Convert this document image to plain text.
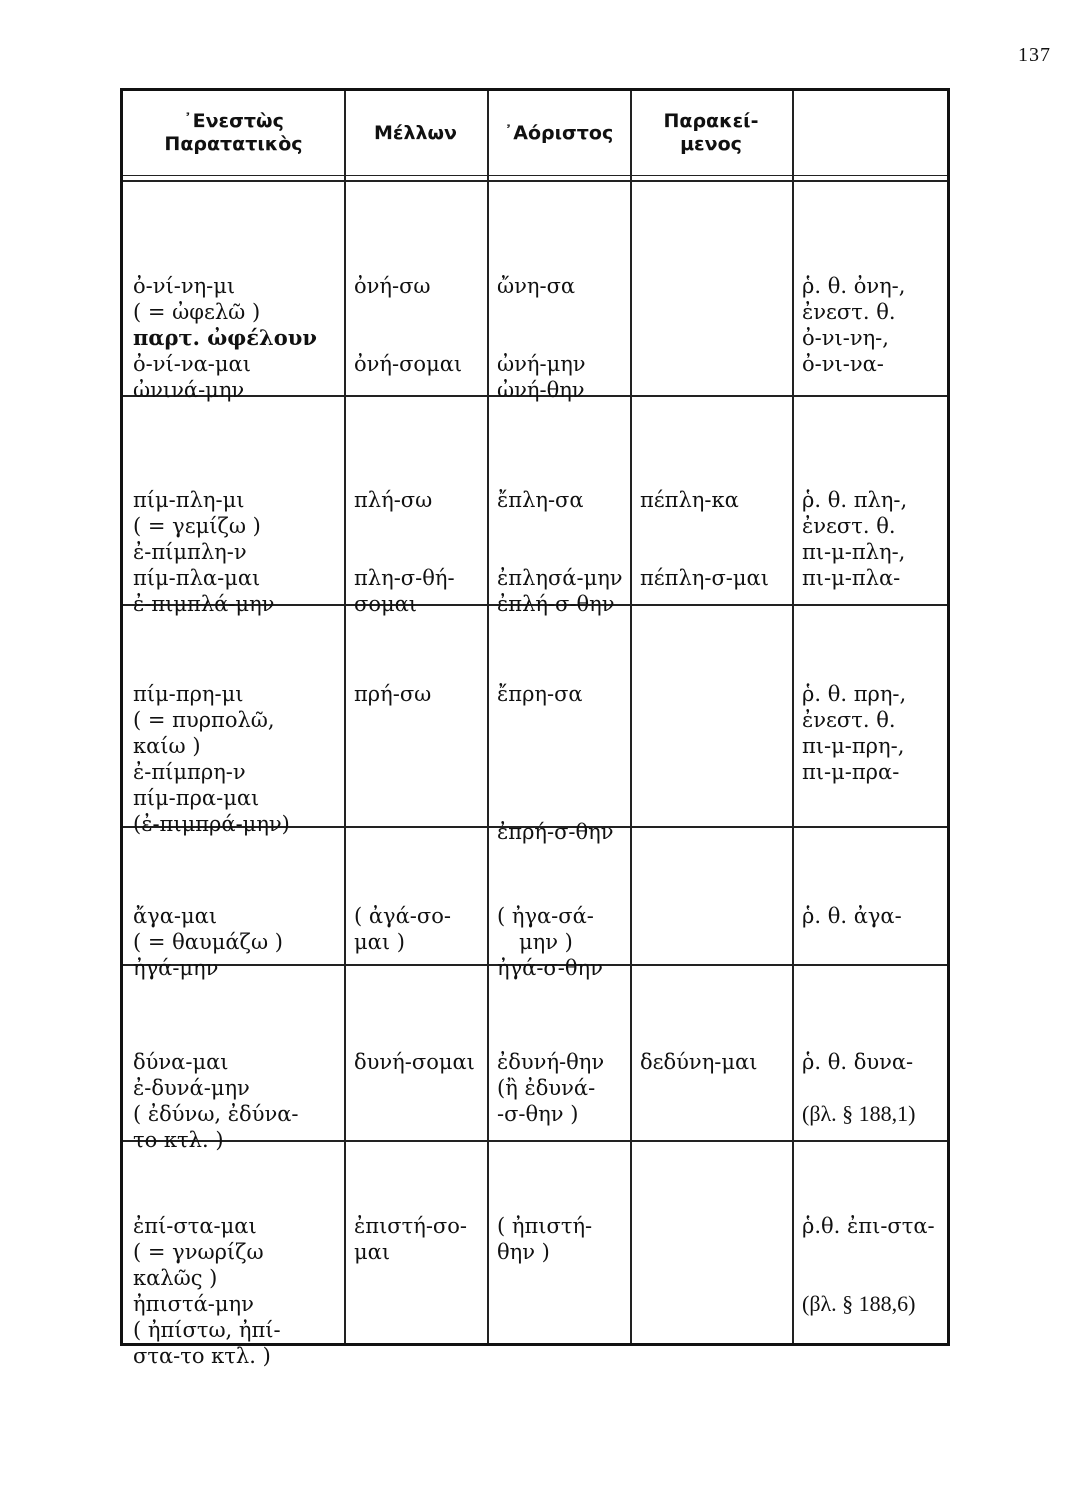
137
᾽Ενεστὼς
Παρατατικὸς
Μέλλων ᾽Αόριστος
Παρακεί-
μενος

ὀ-νί-νη-μι
( = ὠφελῶ )
παρτ. ὠφέλουν
ὀ-νί-να-μαι
ὠνινά-μην

ὀνή-σω
ὀνή-σομαι

ὤνη-σα
ὠνή-μην
ὠνή-θην

ῥ. θ. ὀνη-,
ἐνεστ. θ.
ὀ-νι-νη-,
ὀ-νι-να-

πίμ-πλη-μι
( = γεμίζω )
ἐ-πίμπλη-ν
πίμ-πλα-μαι
ἐ-πιμπλά-μην

πλή-σω
πλη-σ-θή-
σομαι

ἔπλη-σα
ἐπλησά-μην
ἐπλή-σ-θην

πέπλη-κα
πέπλη-σ-μαι

ῥ. θ. πλη-,
ἐνεστ. θ.
πι-μ-πλη-,
πι-μ-πλα-

πίμ-πρη-μι
( = πυρπολῶ,
καίω )
ἐ-πίμπρη-ν
πίμ-πρα-μαι
(ἐ-πιμπρά-μην)

πρή-σω

	ἔπρη-σα
ἐπρή-σ-θην

ῥ. θ. πρη-,
ἐνεστ. θ.
πι-μ-πρη-,
πι-μ-πρα-

ἄγα-μαι
( = θαυμάζω )
ἠγά-μην

( ἀγά-σο-
μαι )

( ἠγα-σά-
μην )
ἠγά-σ-θην

ῥ. θ. ἀγα-

δύνα-μαι
ἐ-δυνά-μην
( ἐδύνω, ἐδύνα-
το κτλ. )

δυνή-σομαι

ἐδυνή-θην
(ἢ ἐδυνά-
-σ-θην )

δεδύνη-μαι

ῥ. θ. δυνα-
(βλ. § 188,1)

ἐπί-στα-μαι
( = γνωρίζω
καλῶς )
ἠπιστά-μην
( ἠπίστω, ἠπί-
στα-το κτλ. )

ἐπιστή-σο-
μαι

( ἠπιστή-
θην )

ῥ.θ. ἐπι-στα-
(βλ. § 188,6)
